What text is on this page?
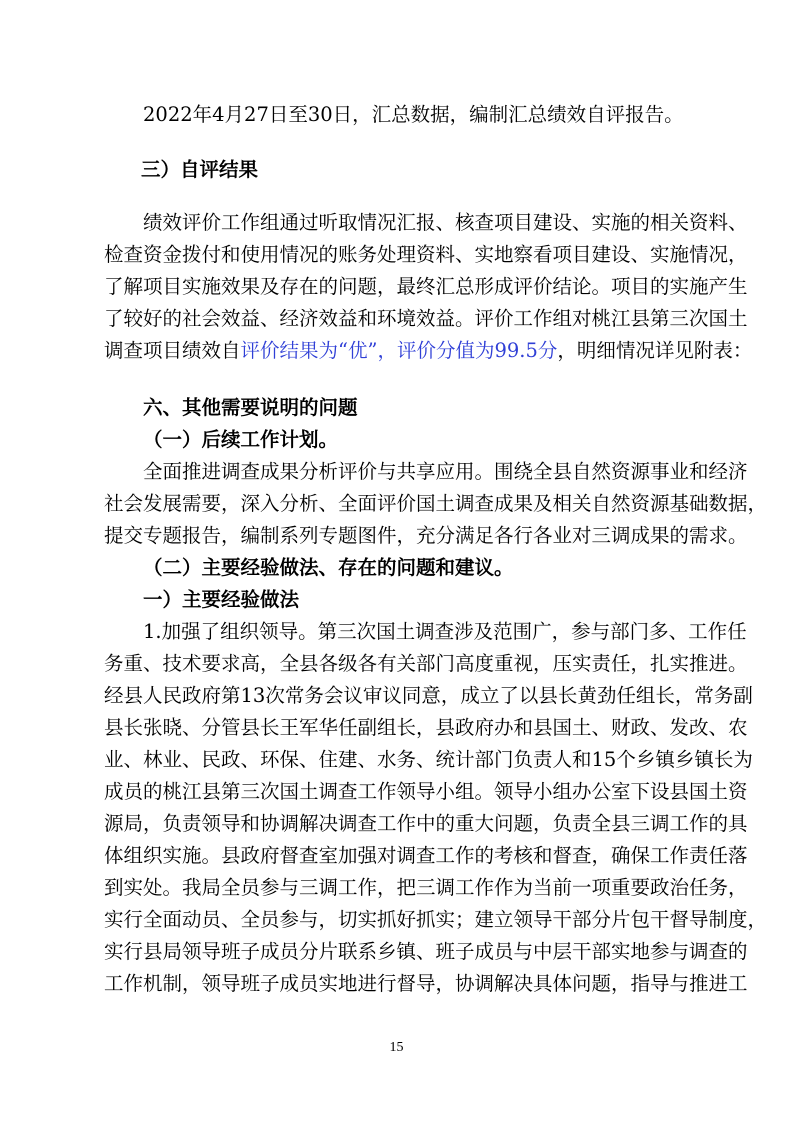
2022年4月27日至30日，汇总数据，编制汇总绩效自评报告。
三）自评结果
绩效评价工作组通过听取情况汇报、核查项目建设、实施的相关资料、
检查资金拨付和使用情况的账务处理资料、实地察看项目建设、实施情况，
了解项目实施效果及存在的问题，最终汇总形成评价结论。项目的实施产生
了较好的社会效益、经济效益和环境效益。评价工作组对桃江县第三次国土
调查项目绩效自评价结果为“优”，评价分值为99.5分，明细情况详见附表：
六、其他需要说明的问题
（一）后续工作计划。
全面推进调查成果分析评价与共享应用。围绕全县自然资源事业和经济
社会发展需要，深入分析、全面评价国土调查成果及相关自然资源基础数据，
提交专题报告，编制系列专题图件，充分满足各行各业对三调成果的需求。
（二）主要经验做法、存在的问题和建议。
一）主要经验做法
1.加强了组织领导。第三次国土调查涉及范围广，参与部门多、工作任
务重、技术要求高，全县各级各有关部门高度重视，压实责任，扎实推进。
经县人民政府第13次常务会议审议同意，成立了以县长黄劲任组长，常务副
县长张晓、分管县长王军华任副组长，县政府办和县国土、财政、发改、农
业、林业、民政、环保、住建、水务、统计部门负责人和15个乡镇乡镇长为
成员的桃江县第三次国土调查工作领导小组。领导小组办公室下设县国土资
源局，负责领导和协调解决调查工作中的重大问题，负责全县三调工作的具
体组织实施。县政府督查室加强对调查工作的考核和督查，确保工作责任落
到实处。我局全员参与三调工作，把三调工作作为当前一项重要政治任务，
实行全面动员、全员参与，切实抓好抓实；建立领导干部分片包干督导制度，
实行县局领导班子成员分片联系乡镇、班子成员与中层干部实地参与调查的
工作机制，领导班子成员实地进行督导，协调解决具体问题，指导与推进工
15
